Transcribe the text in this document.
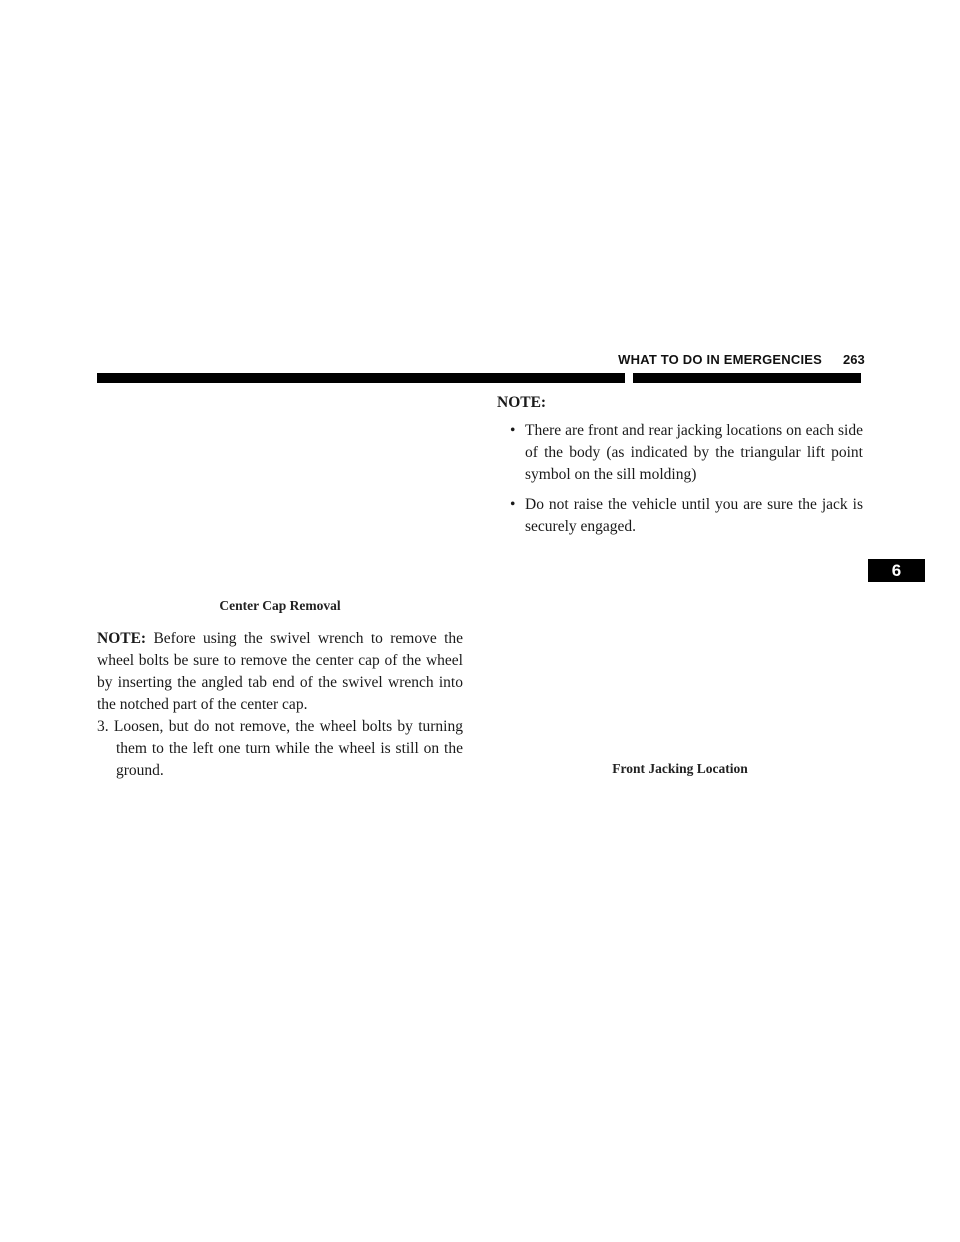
WHAT TO DO IN EMERGENCIES 263
6

NOTE:

• There are front and rear jacking locations on each side of the body (as indicated by the triangular lift point symbol on the sill molding)

• Do not raise the vehicle until you are sure the jack is securely engaged.

Center Cap Removal

NOTE: Before using the swivel wrench to remove the wheel bolts be sure to remove the center cap of the wheel by inserting the angled tab end of the swivel wrench into the notched part of the center cap.

3. Loosen, but do not remove, the wheel bolts by turning them to the left one turn while the wheel is still on the ground.	Front Jacking Location
